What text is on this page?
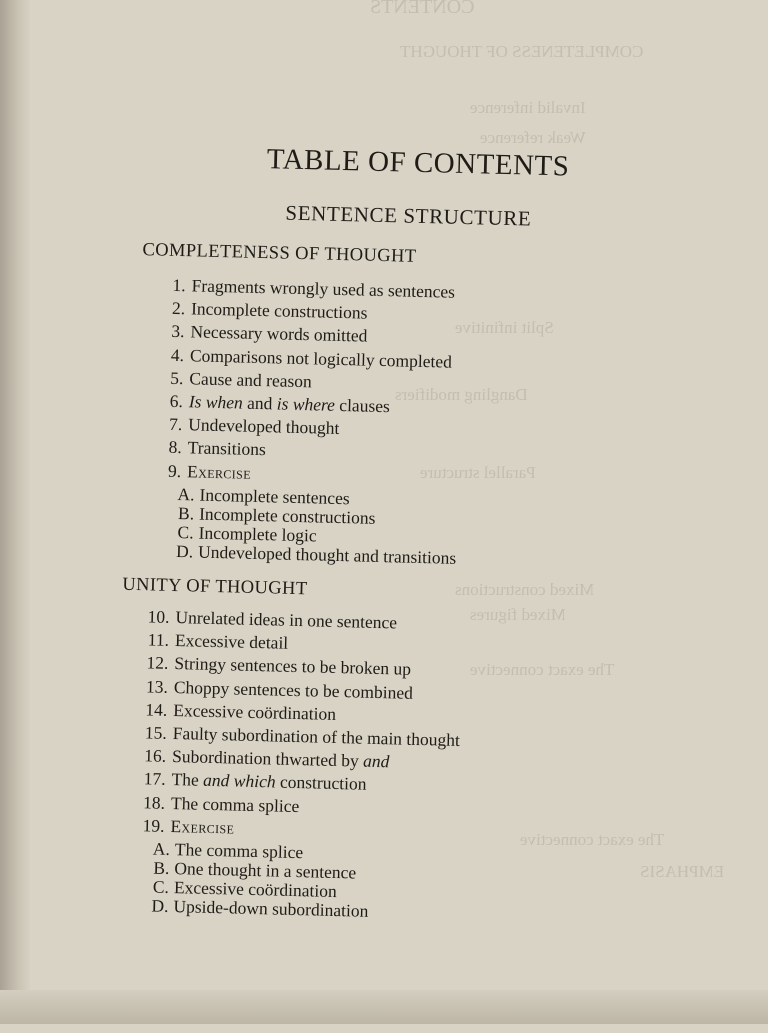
CONTENTS
COMPLETENESS OF THOUGHT
Invalid inference
Weak reference
Split infinitive
Dangling modifiers
Parallel structure
Mixed constructions
Mixed figures
The exact connective
The exact connective
EMPHASIS
TABLE OF CONTENTS
SENTENCE STRUCTURE
COMPLETENESS OF THOUGHT
1. Fragments wrongly used as sentences
2. Incomplete constructions
3. Necessary words omitted
4. Comparisons not logically completed
5. Cause and reason
6. Is when and is where clauses
7. Undeveloped thought
8. Transitions
9. Exercise
A. Incomplete sentences
B. Incomplete constructions
C. Incomplete logic
D. Undeveloped thought and transitions
UNITY OF THOUGHT
10. Unrelated ideas in one sentence
11. Excessive detail
12. Stringy sentences to be broken up
13. Choppy sentences to be combined
14. Excessive coördination
15. Faulty subordination of the main thought
16. Subordination thwarted by and
17. The and which construction
18. The comma splice
19. Exercise
A. The comma splice
B. One thought in a sentence
C. Excessive coördination
D. Upside-down subordination
